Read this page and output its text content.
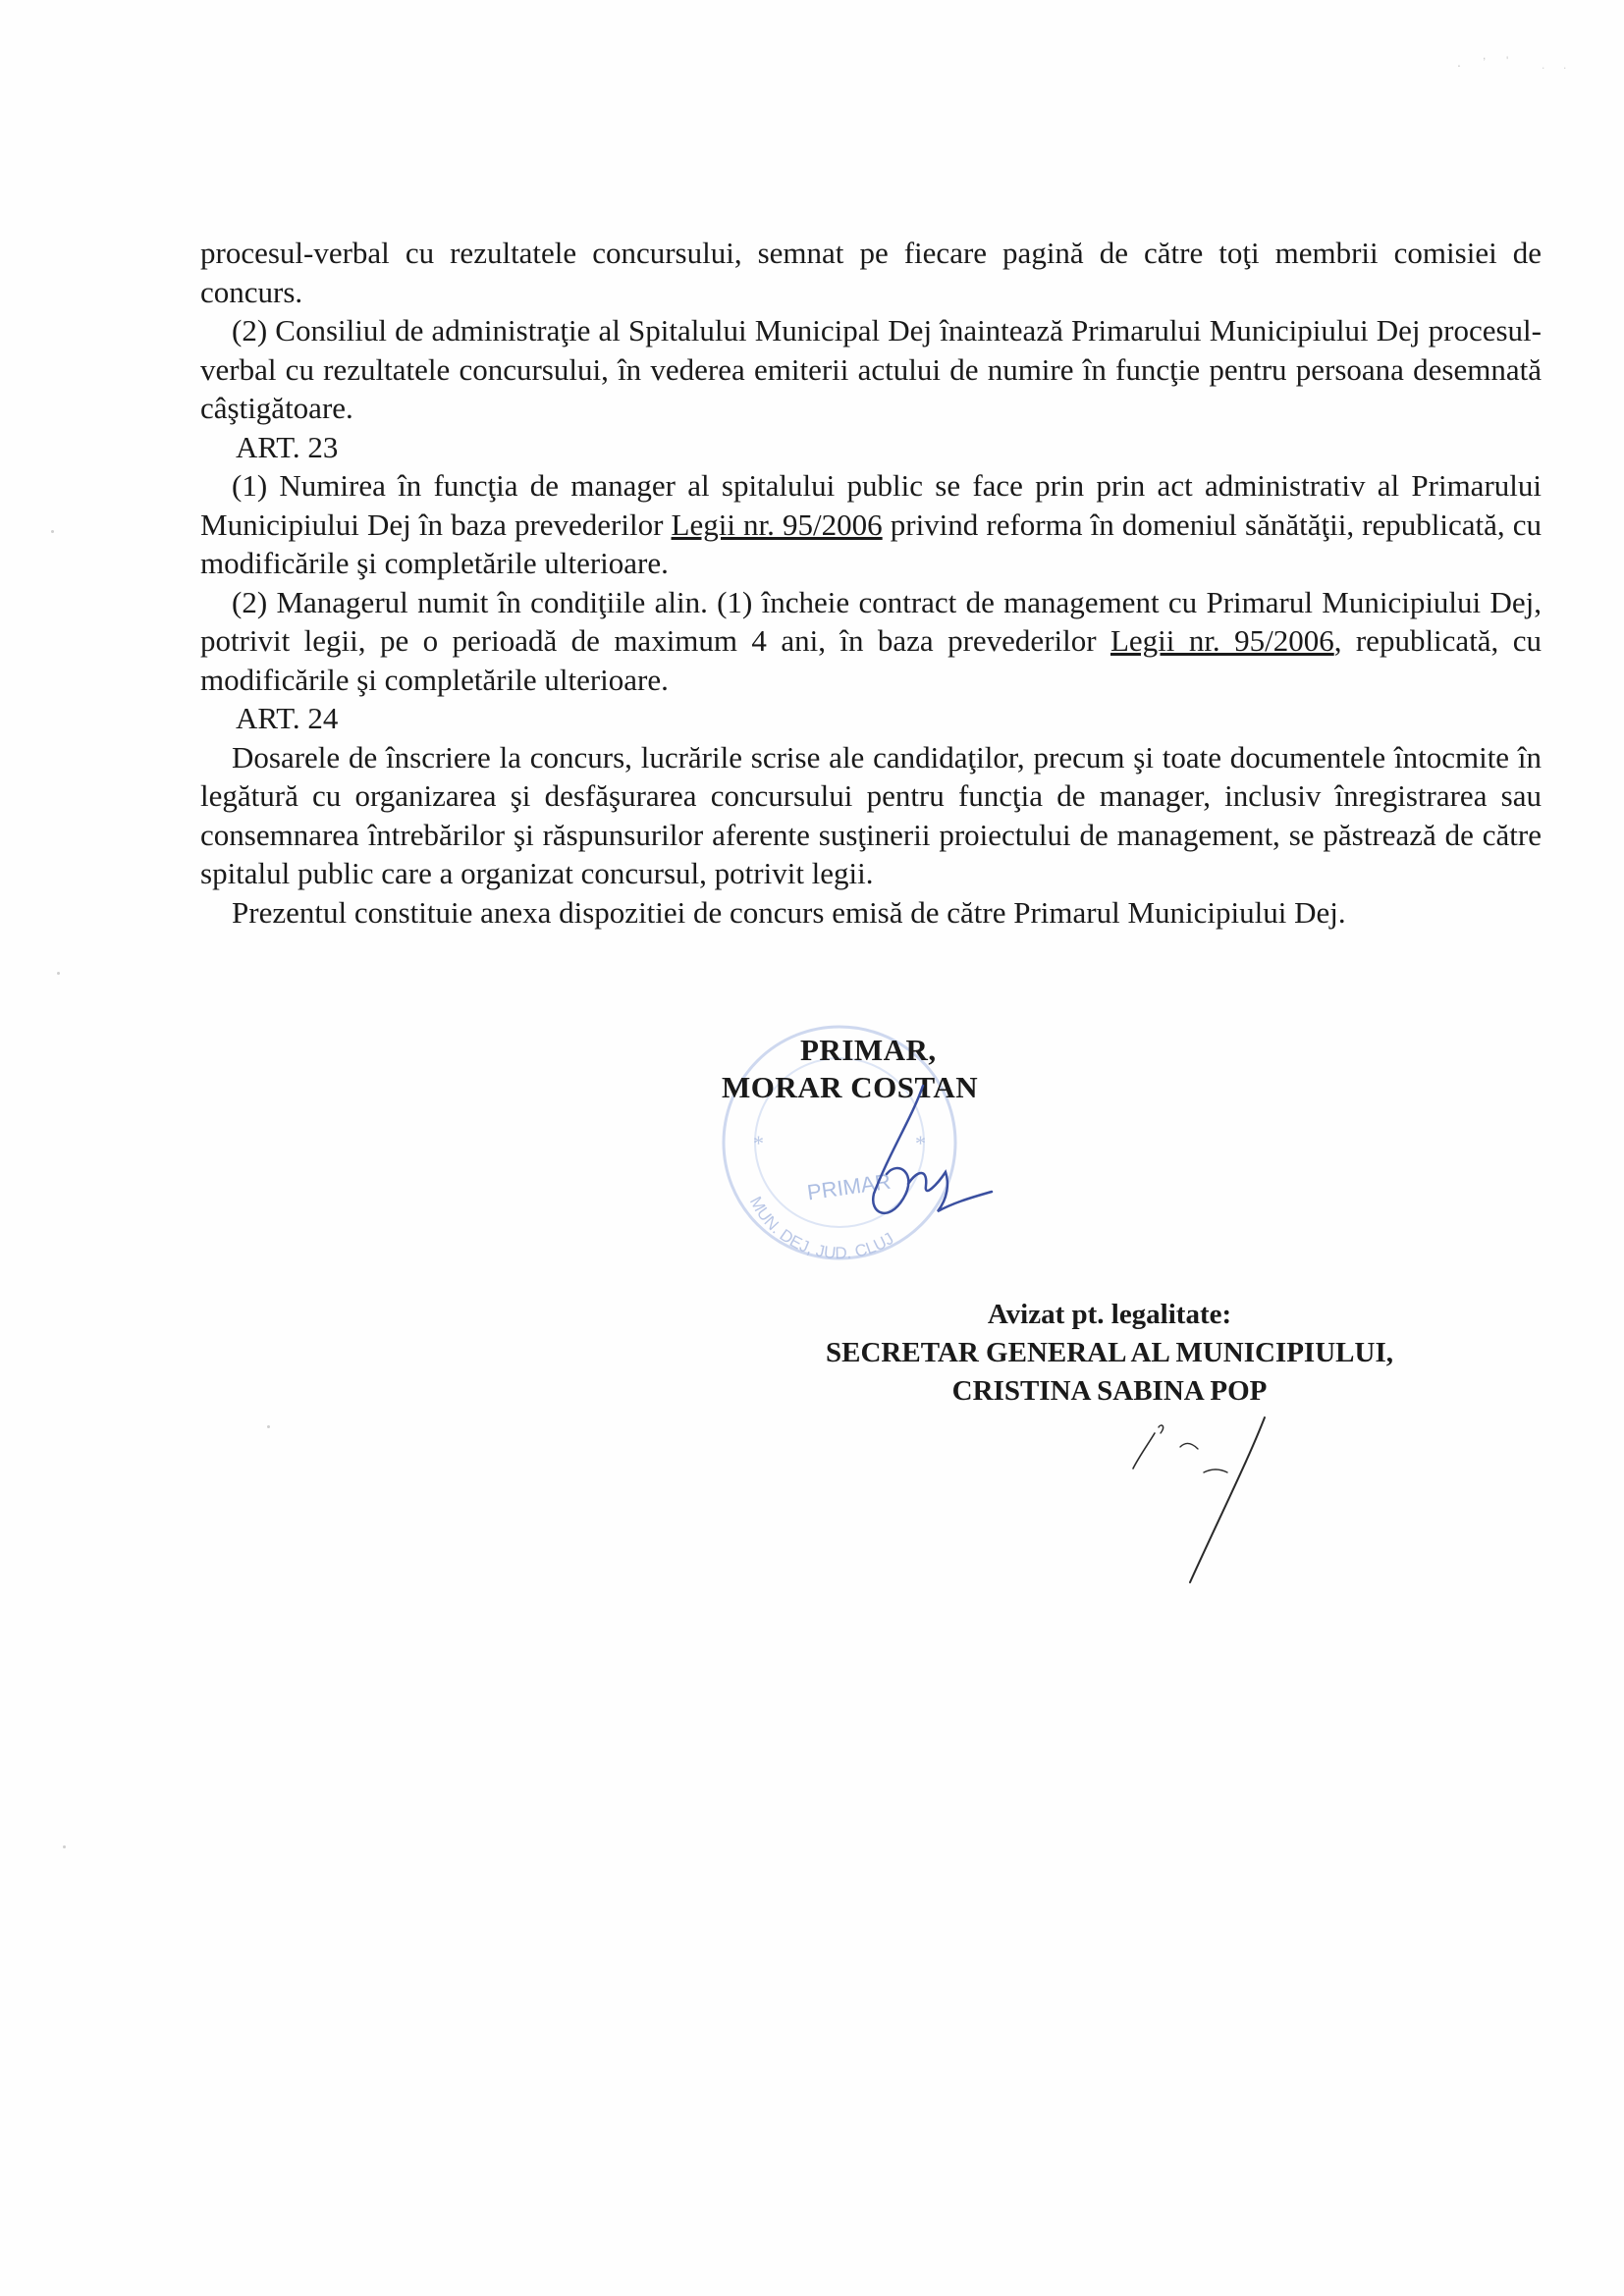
procesul-verbal cu rezultatele concursului, semnat pe fiecare pagină de către toţi membrii comisiei de concurs.

(2) Consiliul de administraţie al Spitalului Municipal Dej înaintează Primarului Municipiului Dej procesul-verbal cu rezultatele concursului, în vederea emiterii actului de numire în funcţie pentru persoana desemnată câştigătoare.

ART. 23

(1) Numirea în funcţia de manager al spitalului public se face prin prin act administrativ al Primarului Municipiului Dej în baza prevederilor Legii nr. 95/2006 privind reforma în domeniul sănătăţii, republicată, cu modificările şi completările ulterioare.

(2) Managerul numit în condiţiile alin. (1) încheie contract de management cu Primarul Municipiului Dej, potrivit legii, pe o perioadă de maximum 4 ani, în baza prevederilor Legii nr. 95/2006, republicată, cu modificările şi completările ulterioare.

ART. 24

Dosarele de înscriere la concurs, lucrările scrise ale candidaţilor, precum şi toate documentele întocmite în legătură cu organizarea şi desfăşurarea concursului pentru funcţia de manager, inclusiv înregistrarea sau consemnarea întrebărilor şi răspunsurilor aferente susţinerii proiectului de management, se păstrează de către spitalul public care a organizat concursul, potrivit legii.

Prezentul constituie anexa dispozitiei de concurs emisă de către Primarul Municipiului Dej.

*	*
PRIMAR
MUN. DEJ, JUD. CLUJ
PRIMAR,
MORAR COSTAN
Avizat pt. legalitate:
SECRETAR GENERAL AL MUNICIPIULUI,
CRISTINA SABINA POP
. , '	. .
